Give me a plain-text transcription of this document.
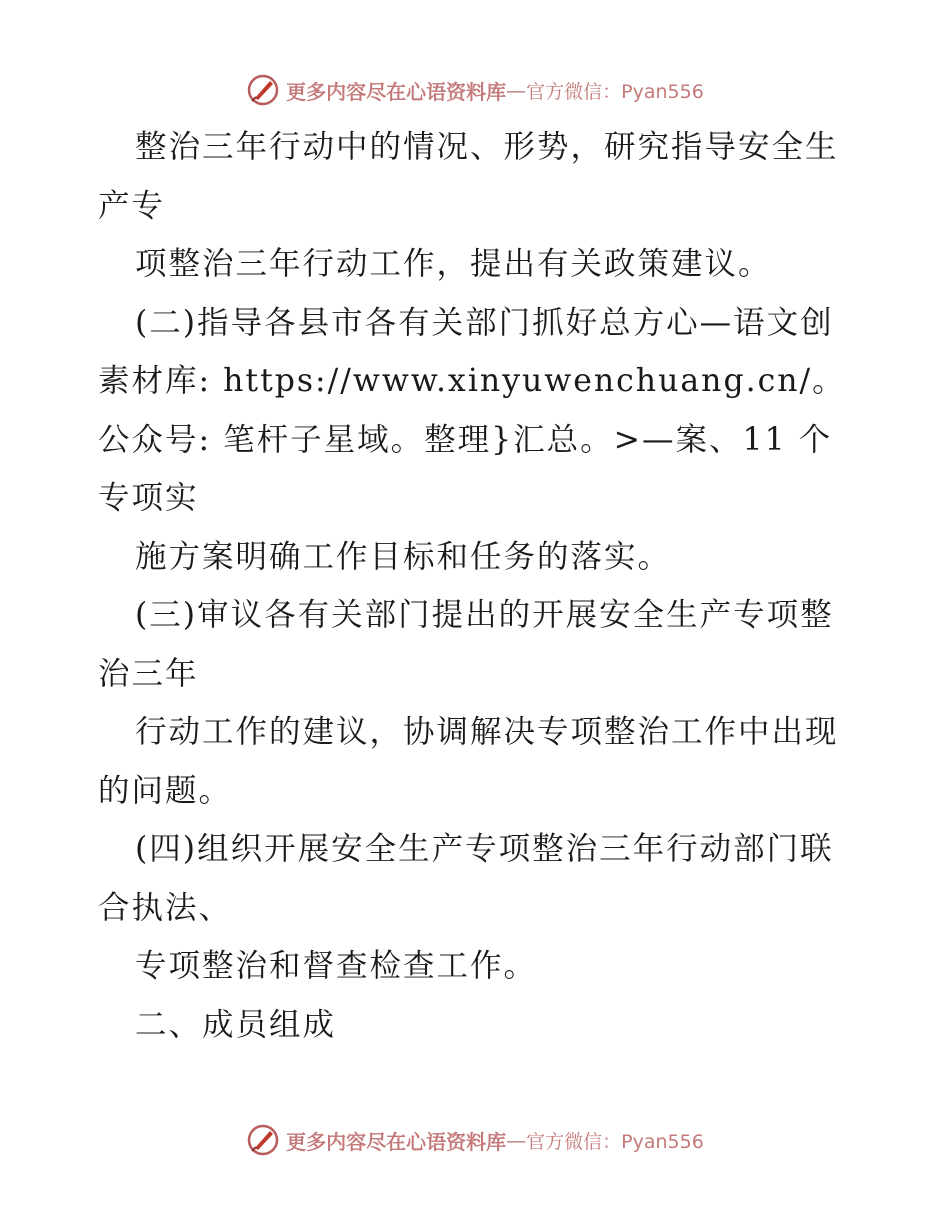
更多内容尽在心语资料库 — 官方微信：Pyan556

整治三年行动中的情况、形势，研究指导安全生产专

项整治三年行动工作，提出有关政策建议。

(二)指导各县市各有关部门抓好总方心—语文创素材库: https://www.xinyuwenchuang.cn/。公众号: 笔杆子星域。整理}汇总。>—案、11 个专项实

施方案明确工作目标和任务的落实。

(三)审议各有关部门提出的开展安全生产专项整治三年

行动工作的建议，协调解决专项整治工作中出现的问题。

(四)组织开展安全生产专项整治三年行动部门联合执法、

专项整治和督查检查工作。

二、成员组成

更多内容尽在心语资料库 — 官方微信：Pyan556
